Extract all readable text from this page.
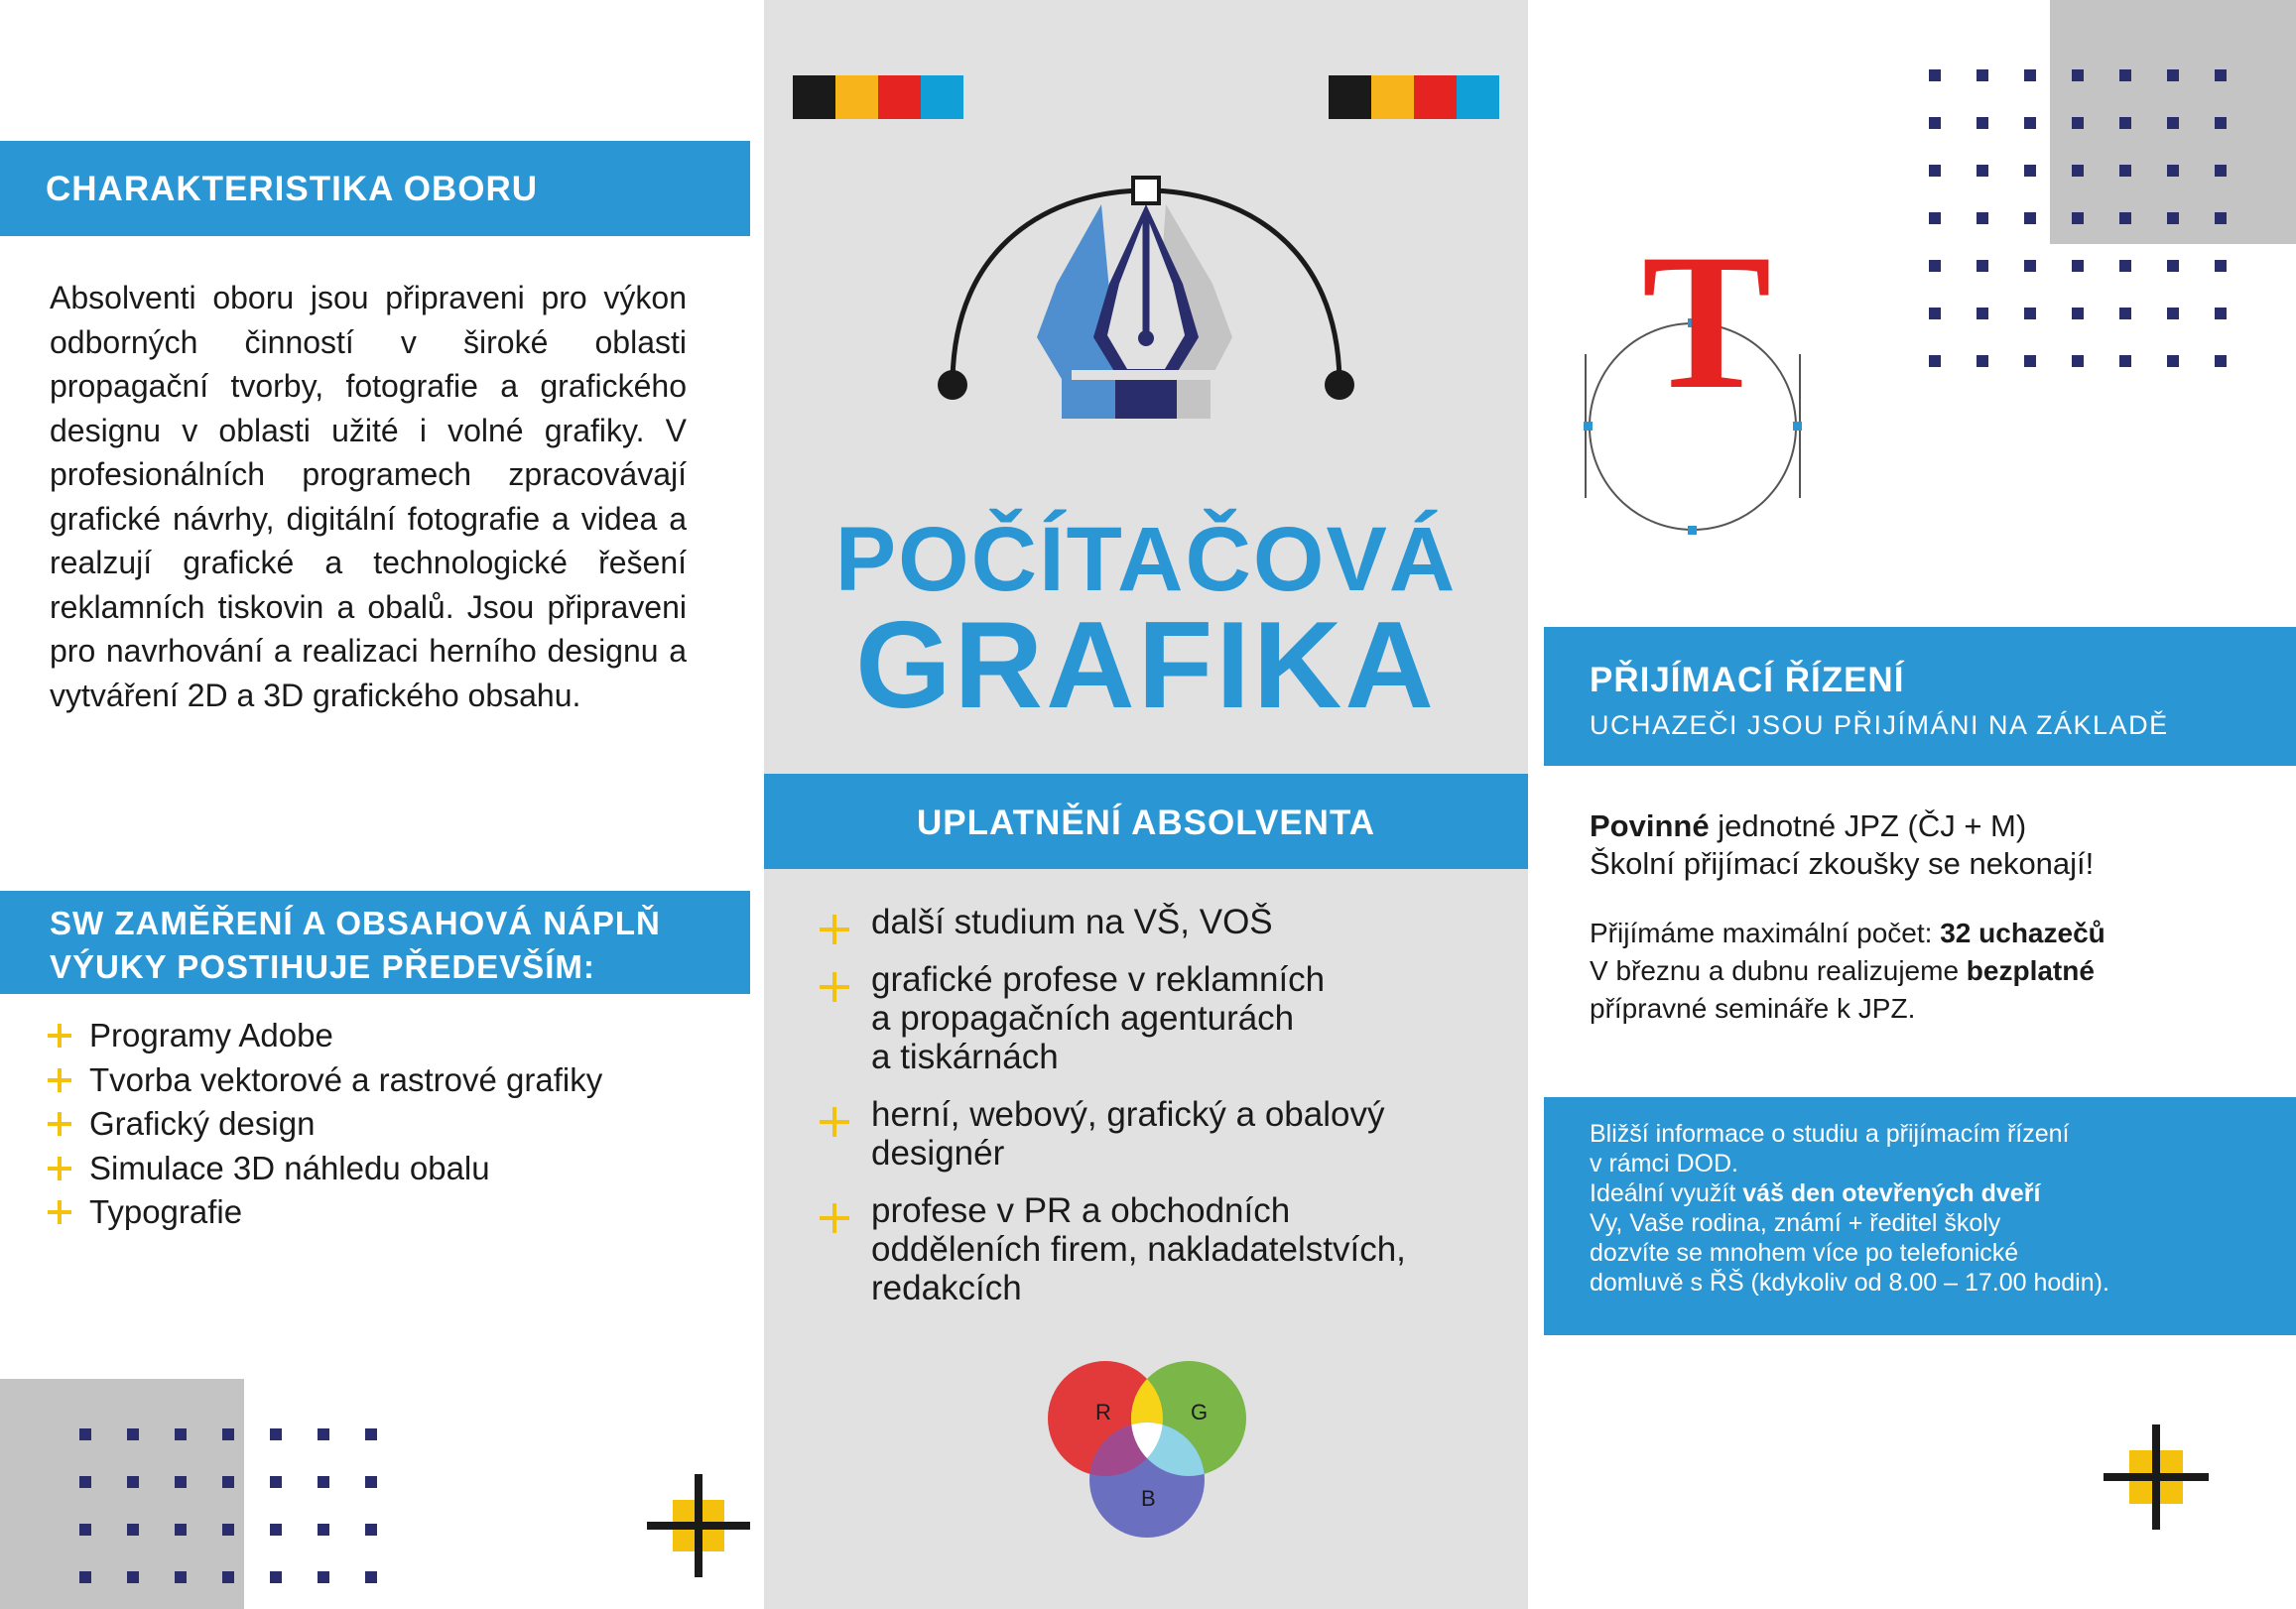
CHARAKTERISTIKA OBORU

Absolventi oboru jsou připraveni pro výkon odborných činností v široké oblasti propagační tvorby, fotografie a grafického designu v oblasti užité i volné grafiky. V profesionálních programech zpracovávají grafické návrhy, digitální fotografie a videa a realzují grafické a technologické řešení reklamních tiskovin a obalů. Jsou připraveni pro navrhování a realizaci herního designu a vytváření 2D a 3D grafického obsahu.

SW ZAMĚŘENÍ A OBSAHOVÁ NÁPLŇ
VÝUKY POSTIHUJE PŘEDEVŠÍM:
Programy Adobe
Tvorba vektorové a rastrové grafiky
Grafický design
Simulace 3D náhledu obalu
Typografie
POČÍTAČOVÁ
GRAFIKA
UPLATNĚNÍ ABSOLVENTA
další studium na VŠ, VOŠ
grafické profese v reklamních
a propagačních agenturách
a tiskárnách
herní, webový, grafický a obalový
designér
profese v PR a obchodních
odděleních firem, nakladatelstvích,
redakcích
R	G
B
T
PŘIJÍMACÍ ŘÍZENÍ
UCHAZEČI JSOU PŘIJÍMÁNI NA ZÁKLADĚ
Povinné jednotné JPZ (ČJ + M)
Školní přijímací zkoušky se nekonají!
Přijímáme maximální počet: 32 uchazečů
V březnu a dubnu realizujeme bezplatné
přípravné semináře k JPZ.
Bližší informace o studiu a přijímacím řízení
v rámci DOD.
Ideální využít váš den otevřených dveří
Vy, Vaše rodina, známí + ředitel školy
dozvíte se mnohem více po telefonické
domluvě s ŘŠ (kdykoliv od 8.00 – 17.00 hodin).
